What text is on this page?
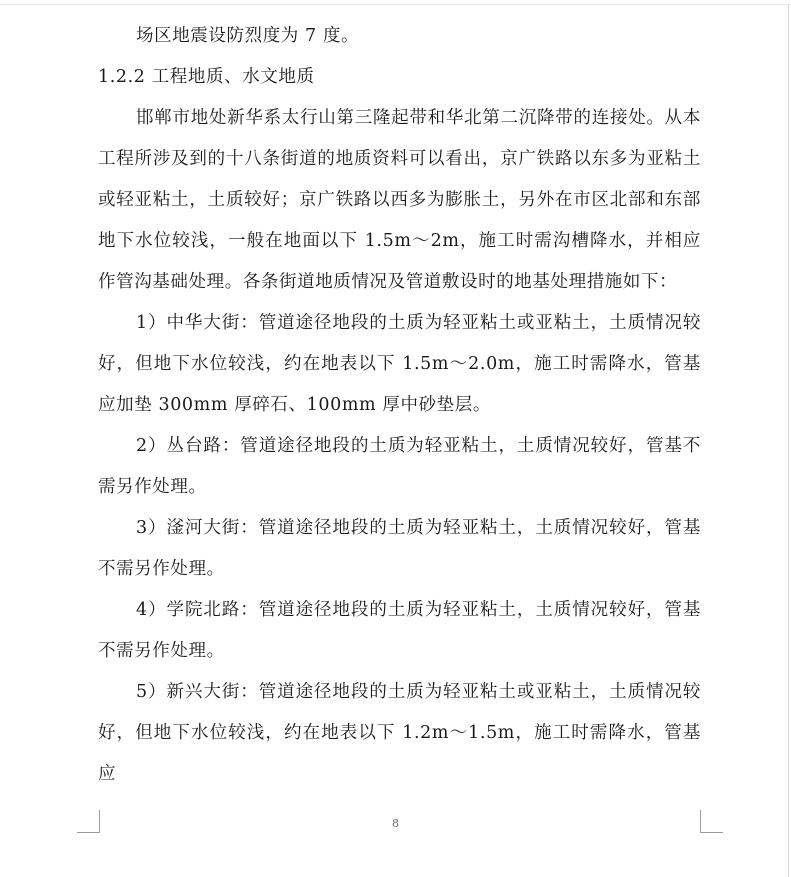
场区地震设防烈度为 7 度。

1.2.2 工程地质、水文地质

邯郸市地处新华系太行山第三隆起带和华北第二沉降带的连接处。从本工程所涉及到的十八条街道的地质资料可以看出，京广铁路以东多为亚粘土或轻亚粘土，土质较好；京广铁路以西多为膨胀土，另外在市区北部和东部地下水位较浅，一般在地面以下 1.5m～2m，施工时需沟槽降水，并相应作管沟基础处理。各条街道地质情况及管道敷设时的地基处理措施如下：

1）中华大街：管道途径地段的土质为轻亚粘土或亚粘土，土质情况较好，但地下水位较浅，约在地表以下 1.5m～2.0m，施工时需降水，管基应加垫 300mm 厚碎石、100mm 厚中砂垫层。

2）丛台路：管道途径地段的土质为轻亚粘土，土质情况较好，管基不需另作处理。

3）滏河大街：管道途径地段的土质为轻亚粘土，土质情况较好，管基不需另作处理。

4）学院北路：管道途径地段的土质为轻亚粘土，土质情况较好，管基不需另作处理。

5）新兴大街：管道途径地段的土质为轻亚粘土或亚粘土，土质情况较好，但地下水位较浅，约在地表以下 1.2m～1.5m，施工时需降水，管基应

8
